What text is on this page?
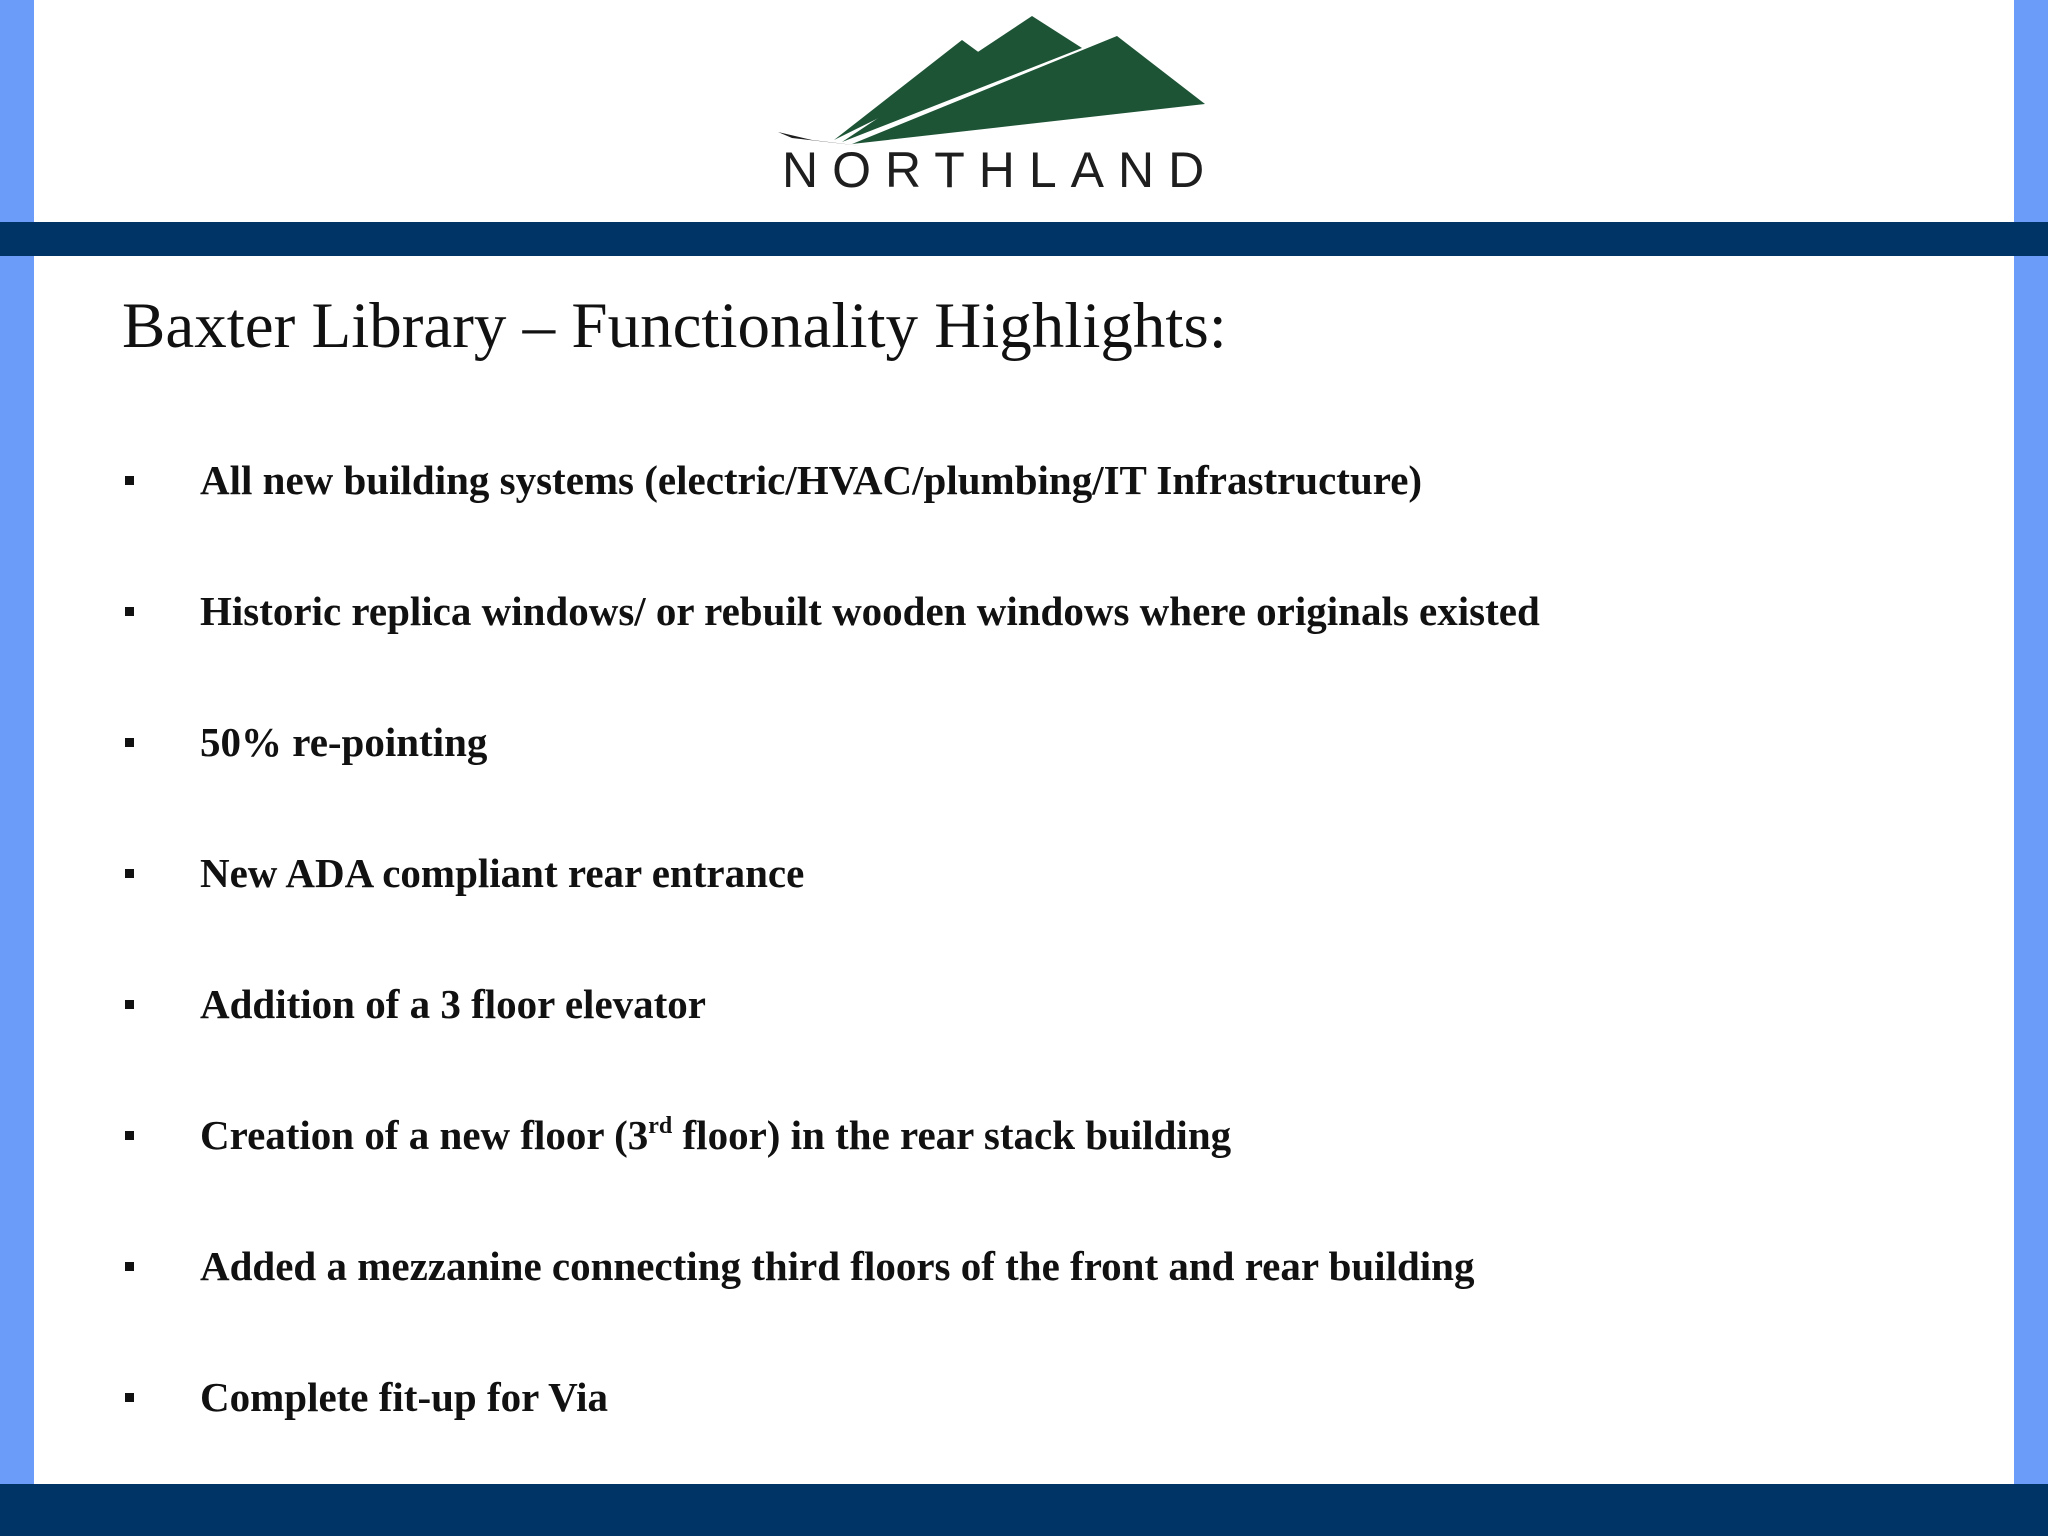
NORTHLAND
Baxter Library – Functionality Highlights:
All new building systems (electric/HVAC/plumbing/IT Infrastructure)
Historic replica windows/ or rebuilt wooden windows where originals existed
50% re-pointing
New ADA compliant rear entrance
Addition of a 3 floor elevator
Creation of a new floor (3rd floor) in the rear stack building
Added a mezzanine connecting third floors of the front and rear building
Complete fit-up for Via
